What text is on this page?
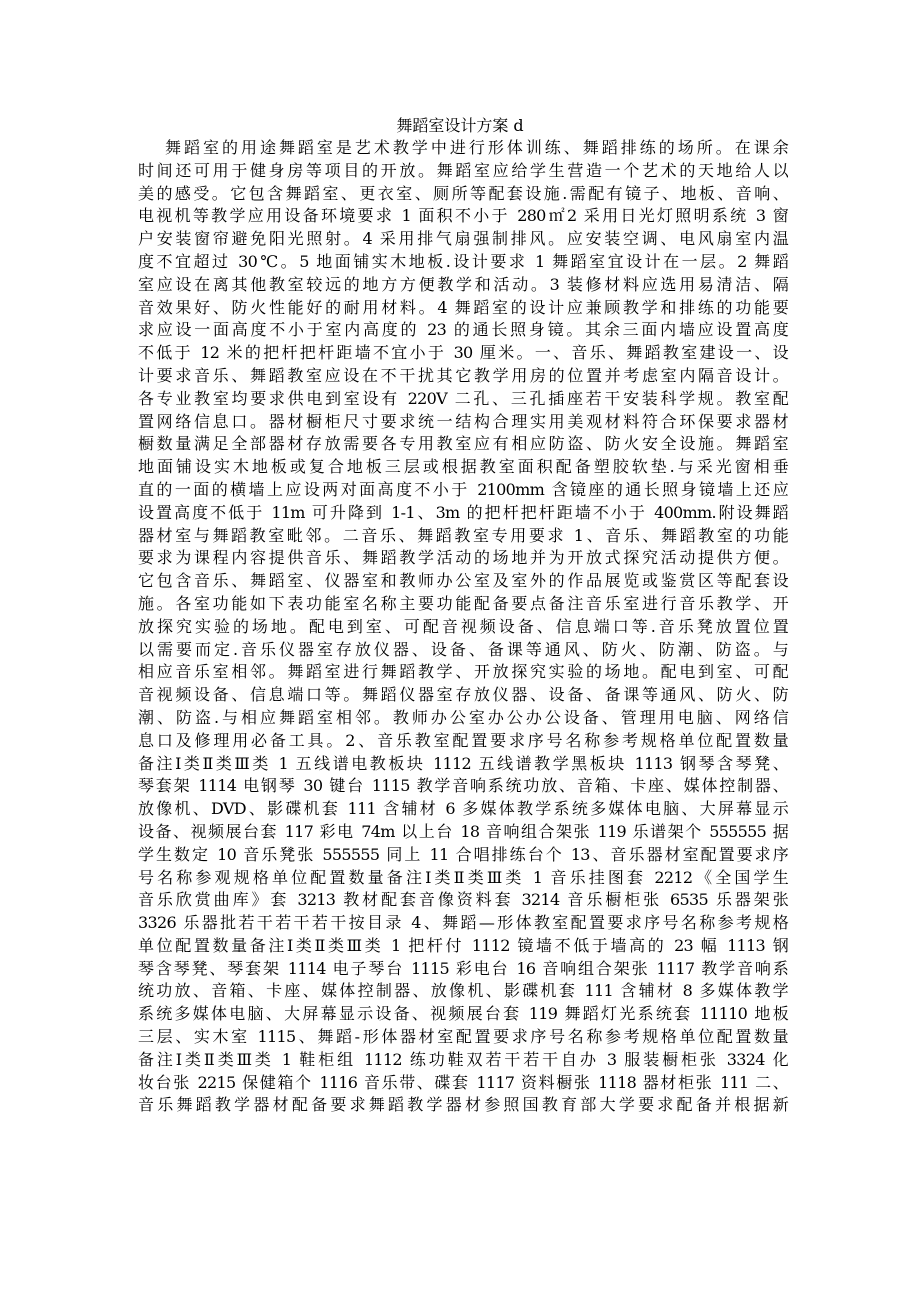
舞蹈室设计方案 d
舞蹈室的用途舞蹈室是艺术教学中进行形体训练、舞蹈排练的场所。在课余
时间还可用于健身房等项目的开放。舞蹈室应给学生营造一个艺术的天地给人以
美的感受。它包含舞蹈室、更衣室、厕所等配套设施.需配有镜子、地板、音响、
电视机等教学应用设备环境要求 1 面积不小于 280㎡2 采用日光灯照明系统 3 窗
户安装窗帘避免阳光照射。4 采用排气扇强制排风。应安装空调、电风扇室内温
度不宜超过 30℃。5 地面铺实木地板.设计要求 1 舞蹈室宜设计在一层。2 舞蹈
室应设在离其他教室较远的地方方便教学和活动。3 装修材料应选用易清洁、隔
音效果好、防火性能好的耐用材料。4 舞蹈室的设计应兼顾教学和排练的功能要
求应设一面高度不小于室内高度的 23 的通长照身镜。其余三面内墙应设置高度
不低于 12 米的把杆把杆距墙不宜小于 30 厘米。一、音乐、舞蹈教室建设一、设
计要求音乐、舞蹈教室应设在不干扰其它教学用房的位置并考虑室内隔音设计。
各专业教室均要求供电到室设有 220V 二孔、三孔插座若干安装科学规。教室配
置网络信息口。器材橱柜尺寸要求统一结构合理实用美观材料符合环保要求器材
橱数量满足全部器材存放需要各专用教室应有相应防盗、防火安全设施。舞蹈室
地面铺设实木地板或复合地板三层或根据教室面积配备塑胶软垫.与采光窗相垂
直的一面的横墙上应设两对面高度不小于 2100mm 含镜座的通长照身镜墙上还应
设置高度不低于 11m 可升降到 1-1、3m 的把杆把杆距墙不小于 400mm.附设舞蹈
器材室与舞蹈教室毗邻。二音乐、舞蹈教室专用要求 1、音乐、舞蹈教室的功能
要求为课程内容提供音乐、舞蹈教学活动的场地并为开放式探究活动提供方便。
它包含音乐、舞蹈室、仪器室和教师办公室及室外的作品展览或鉴赏区等配套设
施。各室功能如下表功能室名称主要功能配备要点备注音乐室进行音乐教学、开
放探究实验的场地。配电到室、可配音视频设备、信息端口等.音乐凳放置位置
以需要而定.音乐仪器室存放仪器、设备、备课等通风、防火、防潮、防盗。与
相应音乐室相邻。舞蹈室进行舞蹈教学、开放探究实验的场地。配电到室、可配
音视频设备、信息端口等。舞蹈仪器室存放仪器、设备、备课等通风、防火、防
潮、防盗.与相应舞蹈室相邻。教师办公室办公办公设备、管理用电脑、网络信
息口及修理用必备工具。2、音乐教室配置要求序号名称参考规格单位配置数量
备注Ⅰ类Ⅱ类Ⅲ类 1 五线谱电教板块 1112 五线谱教学黑板块 1113 钢琴含琴凳、
琴套架 1114 电钢琴 30 键台 1115 教学音响系统功放、音箱、卡座、媒体控制器、
放像机、DVD、影碟机套 111 含辅材 6 多媒体教学系统多媒体电脑、大屏幕显示
设备、视频展台套 117 彩电 74m 以上台 18 音响组合架张 119 乐谱架个 555555 据
学生数定 10 音乐凳张 555555 同上 11 合唱排练台个 13、音乐器材室配置要求序
号名称参观规格单位配置数量备注Ⅰ类Ⅱ类Ⅲ类 1 音乐挂图套 2212《全国学生
音乐欣赏曲库》套 3213 教材配套音像资料套 3214 音乐橱柜张 6535 乐器架张
3326 乐器批若干若干若干按目录 4、舞蹈—形体教室配置要求序号名称参考规格
单位配置数量备注Ⅰ类Ⅱ类Ⅲ类 1 把杆付 1112 镜墙不低于墙高的 23 幅 1113 钢
琴含琴凳、琴套架 1114 电子琴台 1115 彩电台 16 音响组合架张 1117 教学音响系
统功放、音箱、卡座、媒体控制器、放像机、影碟机套 111 含辅材 8 多媒体教学
系统多媒体电脑、大屏幕显示设备、视频展台套 119 舞蹈灯光系统套 11110 地板
三层、实木室 1115、舞蹈-形体器材室配置要求序号名称参考规格单位配置数量
备注Ⅰ类Ⅱ类Ⅲ类 1 鞋柜组 1112 练功鞋双若干若干自办 3 服装橱柜张 3324 化
妆台张 2215 保健箱个 1116 音乐带、碟套 1117 资料橱张 1118 器材柜张 111 二、
音乐舞蹈教学器材配备要求舞蹈教学器材参照国教育部大学要求配备并根据新
